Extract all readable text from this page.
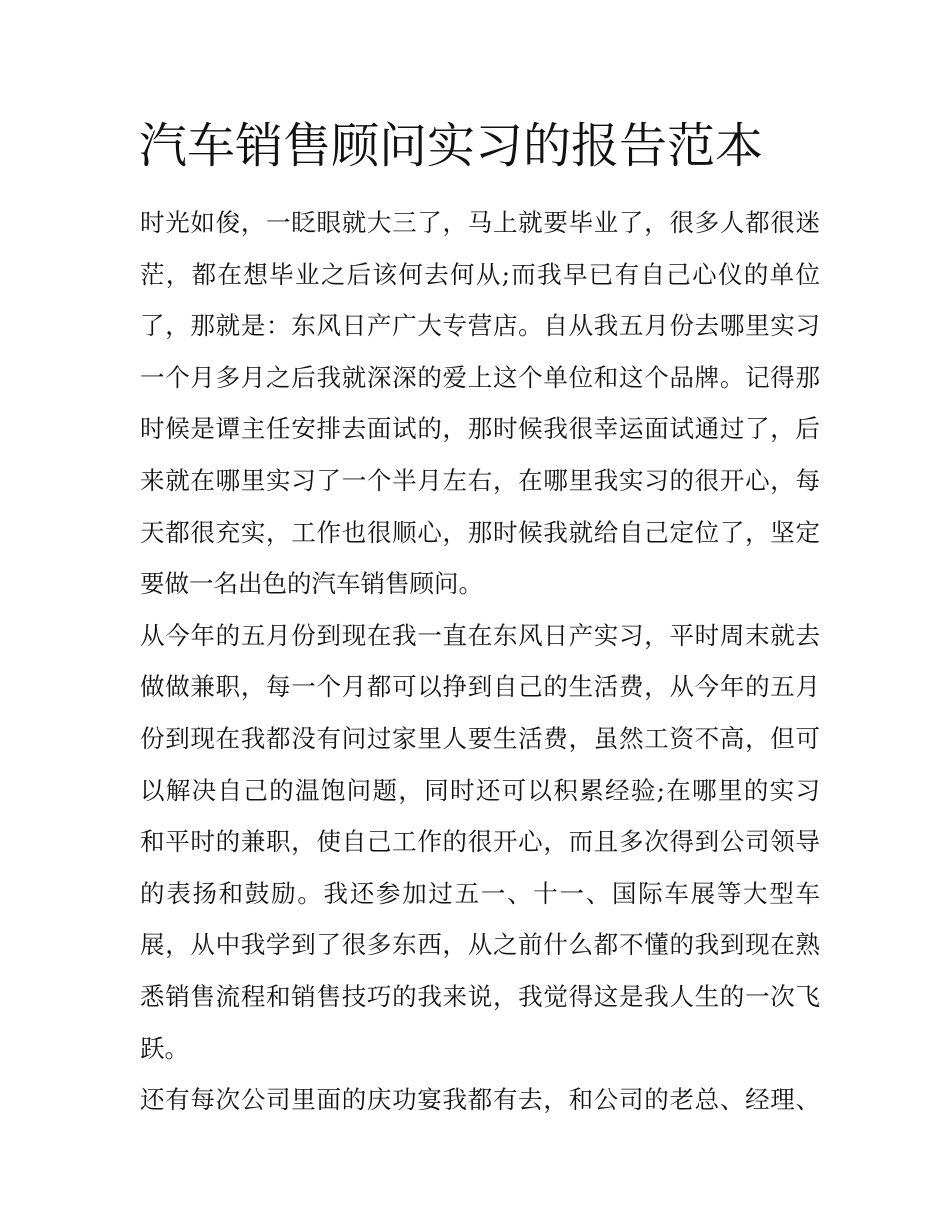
汽车销售顾问实习的报告范本
时光如俊，一眨眼就大三了，马上就要毕业了，很多人都很迷
茫，都在想毕业之后该何去何从;而我早已有自己心仪的单位
了，那就是：东风日产广大专营店。自从我五月份去哪里实习
一个月多月之后我就深深的爱上这个单位和这个品牌。记得那
时候是谭主任安排去面试的，那时候我很幸运面试通过了，后
来就在哪里实习了一个半月左右，在哪里我实习的很开心，每
天都很充实，工作也很顺心，那时候我就给自己定位了，坚定
要做一名出色的汽车销售顾问。
从今年的五月份到现在我一直在东风日产实习，平时周末就去
做做兼职，每一个月都可以挣到自己的生活费，从今年的五月
份到现在我都没有问过家里人要生活费，虽然工资不高，但可
以解决自己的温饱问题，同时还可以积累经验;在哪里的实习
和平时的兼职，使自己工作的很开心，而且多次得到公司领导
的表扬和鼓励。我还参加过五一、十一、国际车展等大型车
展，从中我学到了很多东西，从之前什么都不懂的我到现在熟
悉销售流程和销售技巧的我来说，我觉得这是我人生的一次飞
跃。
还有每次公司里面的庆功宴我都有去，和公司的老总、经理、
